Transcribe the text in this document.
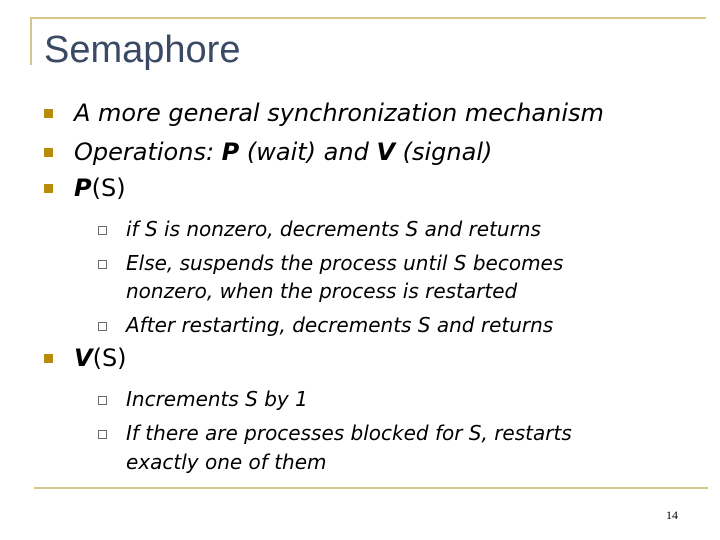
Semaphore
A more general synchronization mechanism
Operations: P (wait) and V (signal)
P(S)
if S is nonzero, decrements S and returns
Else, suspends the process until S becomes
nonzero, when the process is restarted
After restarting, decrements S and returns
V(S)
Increments S by 1
If there are processes blocked for S, restarts
exactly one of them
14
